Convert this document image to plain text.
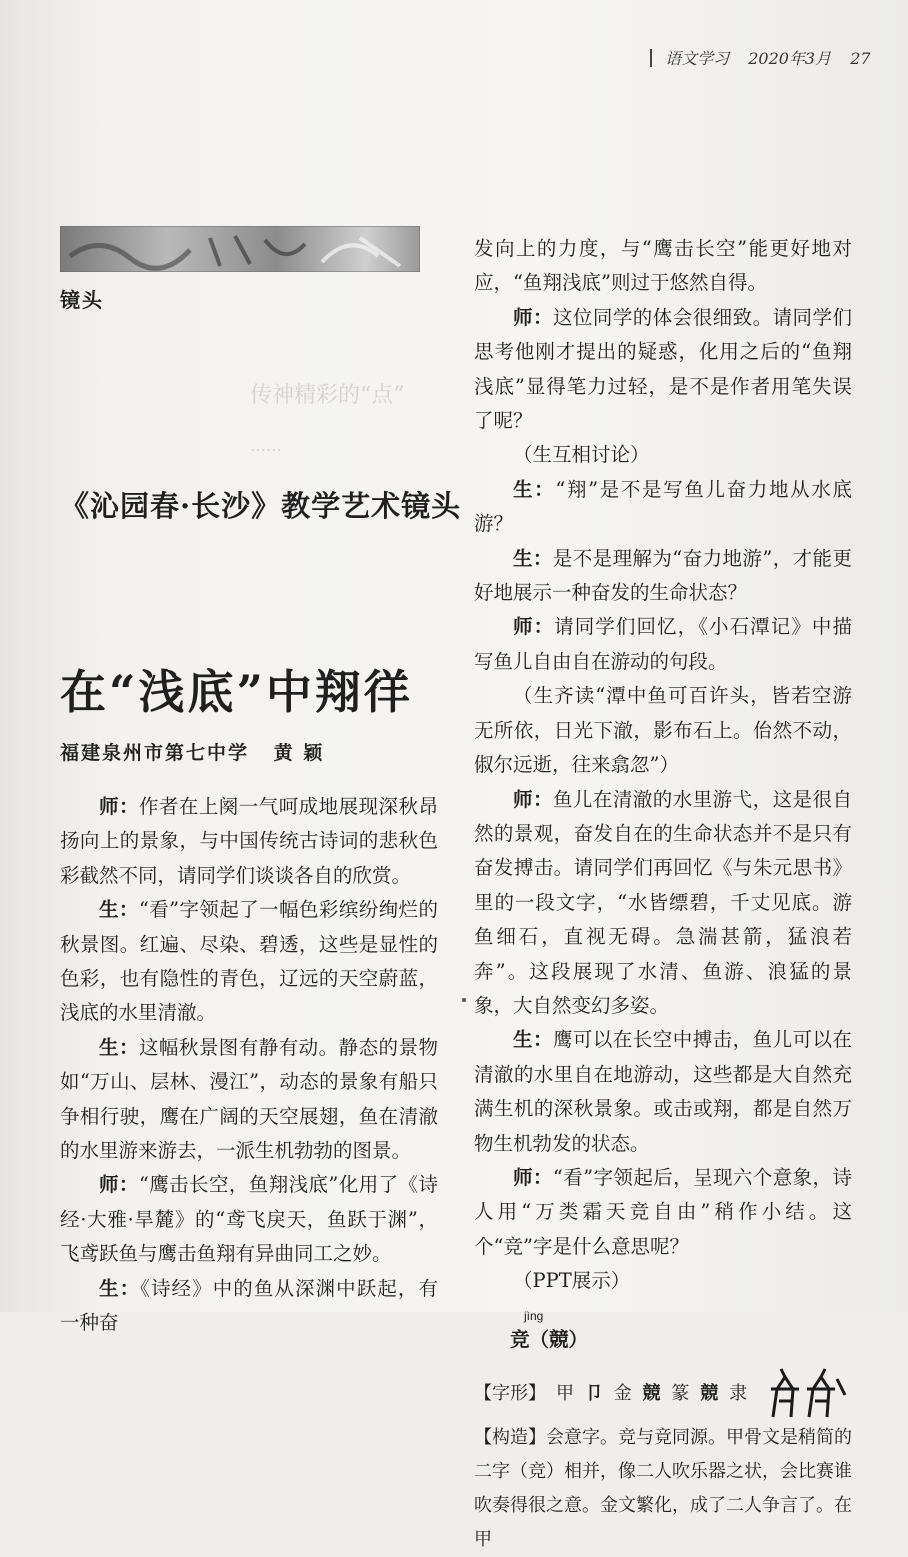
语文学习 2020年3月 27
镜头
传神精彩的“点”
……
《沁园春·长沙》教学艺术镜头
在“浅底”中翔徉
福建泉州市第七中学 黄 颖

师：作者在上阕一气呵成地展现深秋昂扬向上的景象，与中国传统古诗词的悲秋色彩截然不同，请同学们谈谈各自的欣赏。

生：“看”字领起了一幅色彩缤纷绚烂的秋景图。红遍、尽染、碧透，这些是显性的色彩，也有隐性的青色，辽远的天空蔚蓝，浅底的水里清澈。

生：这幅秋景图有静有动。静态的景物如“万山、层林、漫江”，动态的景象有船只争相行驶，鹰在广阔的天空展翅，鱼在清澈的水里游来游去，一派生机勃勃的图景。

师：“鹰击长空，鱼翔浅底”化用了《诗经·大雅·旱麓》的“鸢飞戾天，鱼跃于渊”，飞鸢跃鱼与鹰击鱼翔有异曲同工之妙。

生：《诗经》中的鱼从深渊中跃起，有一种奋

发向上的力度，与“鹰击长空”能更好地对应，“鱼翔浅底”则过于悠然自得。

师：这位同学的体会很细致。请同学们思考他刚才提出的疑惑，化用之后的“鱼翔浅底”显得笔力过轻，是不是作者用笔失误了呢？

（生互相讨论）

生：“翔”是不是写鱼儿奋力地从水底游？

生：是不是理解为“奋力地游”，才能更好地展示一种奋发的生命状态？

师：请同学们回忆，《小石潭记》中描写鱼儿自由自在游动的句段。

（生齐读“潭中鱼可百许头，皆若空游无所依，日光下澈，影布石上。佁然不动，俶尔远逝，往来翕忽”）

师：鱼儿在清澈的水里游弋，这是很自然的景观，奋发自在的生命状态并不是只有奋发搏击。请同学们再回忆《与朱元思书》里的一段文字，“水皆缥碧，千丈见底。游鱼细石，直视无碍。急湍甚箭，猛浪若奔”。这段展现了水清、鱼游、浪猛的景象，大自然变幻多姿。

生：鹰可以在长空中搏击，鱼儿可以在清澈的水里自在地游动，这些都是大自然充满生机的深秋景象。或击或翔，都是自然万物生机勃发的状态。

师：“看”字领起后，呈现六个意象，诗人用“万类霜天竞自由”稍作小结。这个“竞”字是什么意思呢？

（PPT展示）

jìng

竞（競）

【字形】 甲 卩 金 競 篆 競 隶

【构造】会意字。竞与竟同源。甲骨文是稍简的二字（竞）相并，像二人吹乐器之状，会比赛谁吹奏得很之意。金文繁化，成了二人争言了。在甲
